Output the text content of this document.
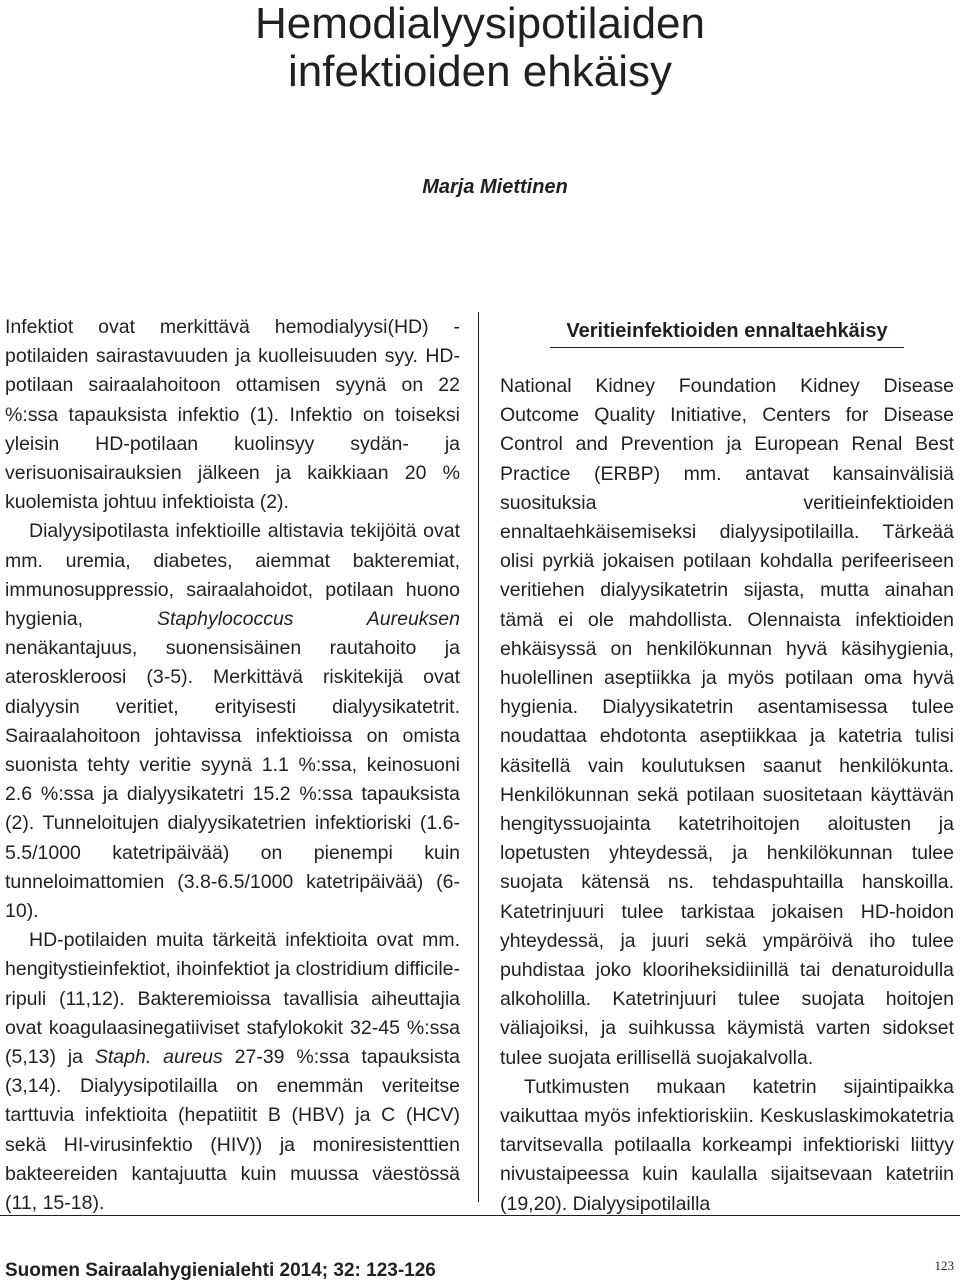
Hemodialyysipotilaiden
infektioiden ehkäisy

Marja Miettinen

Infektiot ovat merkittävä hemodialyysi(HD) -potilaiden sairastavuuden ja kuolleisuuden syy. HD-potilaan sairaalahoitoon ottamisen syynä on 22 %:ssa tapauksista infektio (1). Infektio on toiseksi yleisin HD-potilaan kuolinsyy sydän- ja verisuonisairauksien jälkeen ja kaikkiaan 20 % kuolemista johtuu infektioista (2).

Dialyysipotilasta infektioille altistavia tekijöitä ovat mm. uremia, diabetes, aiemmat bakteremiat, immunosuppressio, sairaalahoidot, potilaan huono hygienia, Staphylococcus Aureuksen nenäkantajuus, suonensisäinen rautahoito ja ateroskleroosi (3-5). Merkittävä riskitekijä ovat dialyysin veritiet, erityisesti dialyysikatetrit. Sairaalahoitoon johtavissa infektioissa on omista suonista tehty veritie syynä 1.1 %:ssa, keinosuoni 2.6 %:ssa ja dialyysikatetri 15.2 %:ssa tapauksista (2). Tunneloitujen dialyysikatetrien infektioriski (1.6-5.5/1000 katetripäivää) on pienempi kuin tunneloimattomien (3.8-6.5/1000 katetripäivää) (6-10).

HD-potilaiden muita tärkeitä infektioita ovat mm. hengitystieinfektiot, ihoinfektiot ja clostridium difficile-ripuli (11,12). Bakteremioissa tavallisia aiheuttajia ovat koagulaasinegatiiviset stafylokokit 32-45 %:ssa (5,13) ja Staph. aureus 27-39 %:ssa tapauksista (3,14). Dialyysipotilailla on enemmän veriteitse tarttuvia infektioita (hepatiitit B (HBV) ja C (HCV) sekä HI-virusinfektio (HIV)) ja moniresistenttien bakteereiden kantajuutta kuin muussa väestössä (11, 15-18).

Veritieinfektioiden ennaltaehkäisy

National Kidney Foundation Kidney Disease Outcome Quality Initiative, Centers for Disease Control and Prevention ja European Renal Best Practice (ERBP) mm. antavat kansainvälisiä suosituksia veritieinfektioiden ennaltaehkäisemiseksi dialyysipotilailla. Tärkeää olisi pyrkiä jokaisen potilaan kohdalla perifeeriseen veritiehen dialyysikatetrin sijasta, mutta ainahan tämä ei ole mahdollista. Olennaista infektioiden ehkäisyssä on henkilökunnan hyvä käsihygienia, huolellinen aseptiikka ja myös potilaan oma hyvä hygienia. Dialyysikatetrin asentamisessa tulee noudattaa ehdotonta aseptiikkaa ja katetria tulisi käsitellä vain koulutuksen saanut henkilökunta. Henkilökunnan sekä potilaan suositetaan käyttävän hengityssuojainta katetrihoitojen aloitusten ja lopetusten yhteydessä, ja henkilökunnan tulee suojata kätensä ns. tehdaspuhtailla hanskoilla. Katetrinjuuri tulee tarkistaa jokaisen HD-hoidon yhteydessä, ja juuri sekä ympäröivä iho tulee puhdistaa joko klooriheksidiinillä tai denaturoidulla alkoholilla. Katetrinjuuri tulee suojata hoitojen väliajoiksi, ja suihkussa käymistä varten sidokset tulee suojata erillisellä suojakalvolla.

Tutkimusten mukaan katetrin sijaintipaikka vaikuttaa myös infektioriskiin. Keskuslaskimokatetria tarvitsevalla potilaalla korkeampi infektioriski liittyy nivustaipeessa kuin kaulalla sijaitsevaan katetriin (19,20). Dialyysipotilailla

Suomen Sairaalahygienialehti 2014; 32: 123-126	123
